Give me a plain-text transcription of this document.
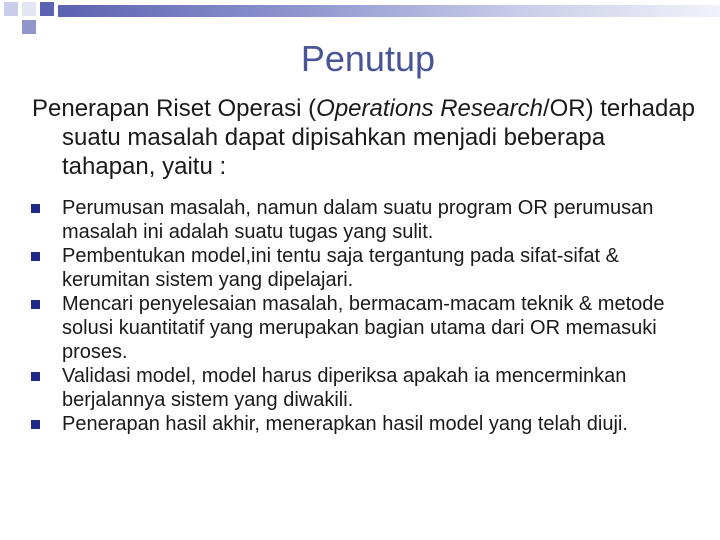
Penutup
Penerapan Riset Operasi (Operations Research/OR) terhadap suatu masalah dapat dipisahkan menjadi beberapa tahapan, yaitu :
Perumusan masalah, namun dalam suatu program OR perumusan masalah ini adalah suatu tugas yang sulit.
Pembentukan model,ini tentu saja tergantung pada sifat-sifat & kerumitan sistem yang dipelajari.
Mencari penyelesaian masalah, bermacam-macam teknik & metode solusi kuantitatif yang merupakan bagian utama dari OR memasuki proses.
Validasi model, model harus diperiksa apakah ia mencerminkan berjalannya sistem yang diwakili.
Penerapan hasil akhir, menerapkan hasil model yang telah diuji.
